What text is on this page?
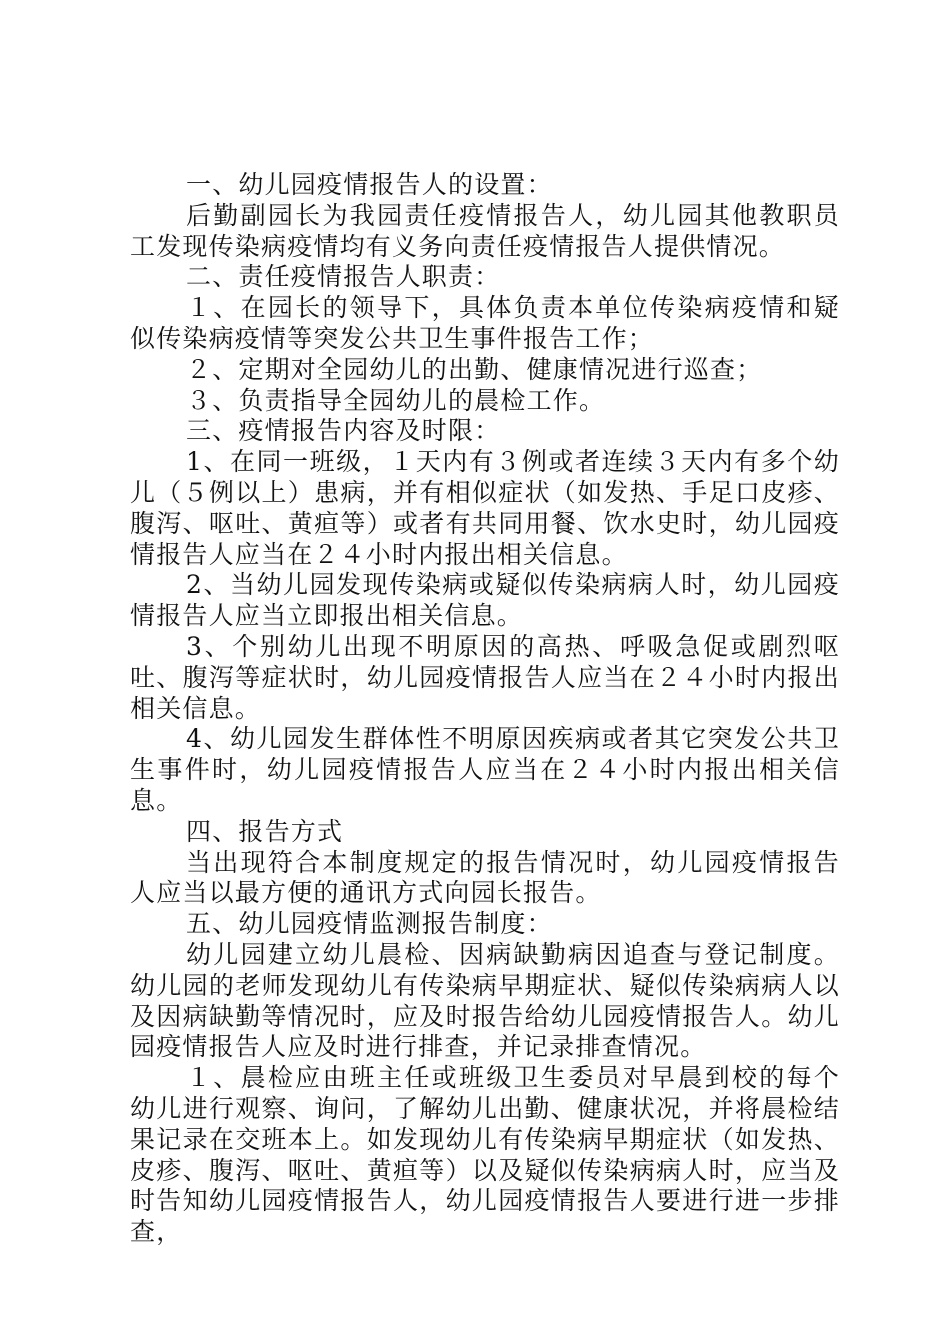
一、幼儿园疫情报告人的设置：

后勤副园长为我园责任疫情报告人，幼儿园其他教职员工发现传染病疫情均有义务向责任疫情报告人提供情况。

二、责任疫情报告人职责：

１、在园长的领导下，具体负责本单位传染病疫情和疑似传染病疫情等突发公共卫生事件报告工作；

２、定期对全园幼儿的出勤、健康情况进行巡查；

３、负责指导全园幼儿的晨检工作。

三、疫情报告内容及时限：

1、在同一班级，１天内有３例或者连续３天内有多个幼儿（５例以上）患病，并有相似症状（如发热、手足口皮疹、腹泻、呕吐、黄疸等）或者有共同用餐、饮水史时，幼儿园疫情报告人应当在２４小时内报出相关信息。

2、当幼儿园发现传染病或疑似传染病病人时，幼儿园疫情报告人应当立即报出相关信息。

3、个别幼儿出现不明原因的高热、呼吸急促或剧烈呕吐、腹泻等症状时，幼儿园疫情报告人应当在２４小时内报出相关信息。

4、幼儿园发生群体性不明原因疾病或者其它突发公共卫生事件时，幼儿园疫情报告人应当在２４小时内报出相关信息。

四、报告方式

当出现符合本制度规定的报告情况时，幼儿园疫情报告人应当以最方便的通讯方式向园长报告。

五、幼儿园疫情监测报告制度：

幼儿园建立幼儿晨检、因病缺勤病因追查与登记制度。幼儿园的老师发现幼儿有传染病早期症状、疑似传染病病人以及因病缺勤等情况时，应及时报告给幼儿园疫情报告人。幼儿园疫情报告人应及时进行排查，并记录排查情况。

１、晨检应由班主任或班级卫生委员对早晨到校的每个幼儿进行观察、询问，了解幼儿出勤、健康状况，并将晨检结果记录在交班本上。如发现幼儿有传染病早期症状（如发热、皮疹、腹泻、呕吐、黄疸等）以及疑似传染病病人时，应当及时告知幼儿园疫情报告人，幼儿园疫情报告人要进行进一步排查，
